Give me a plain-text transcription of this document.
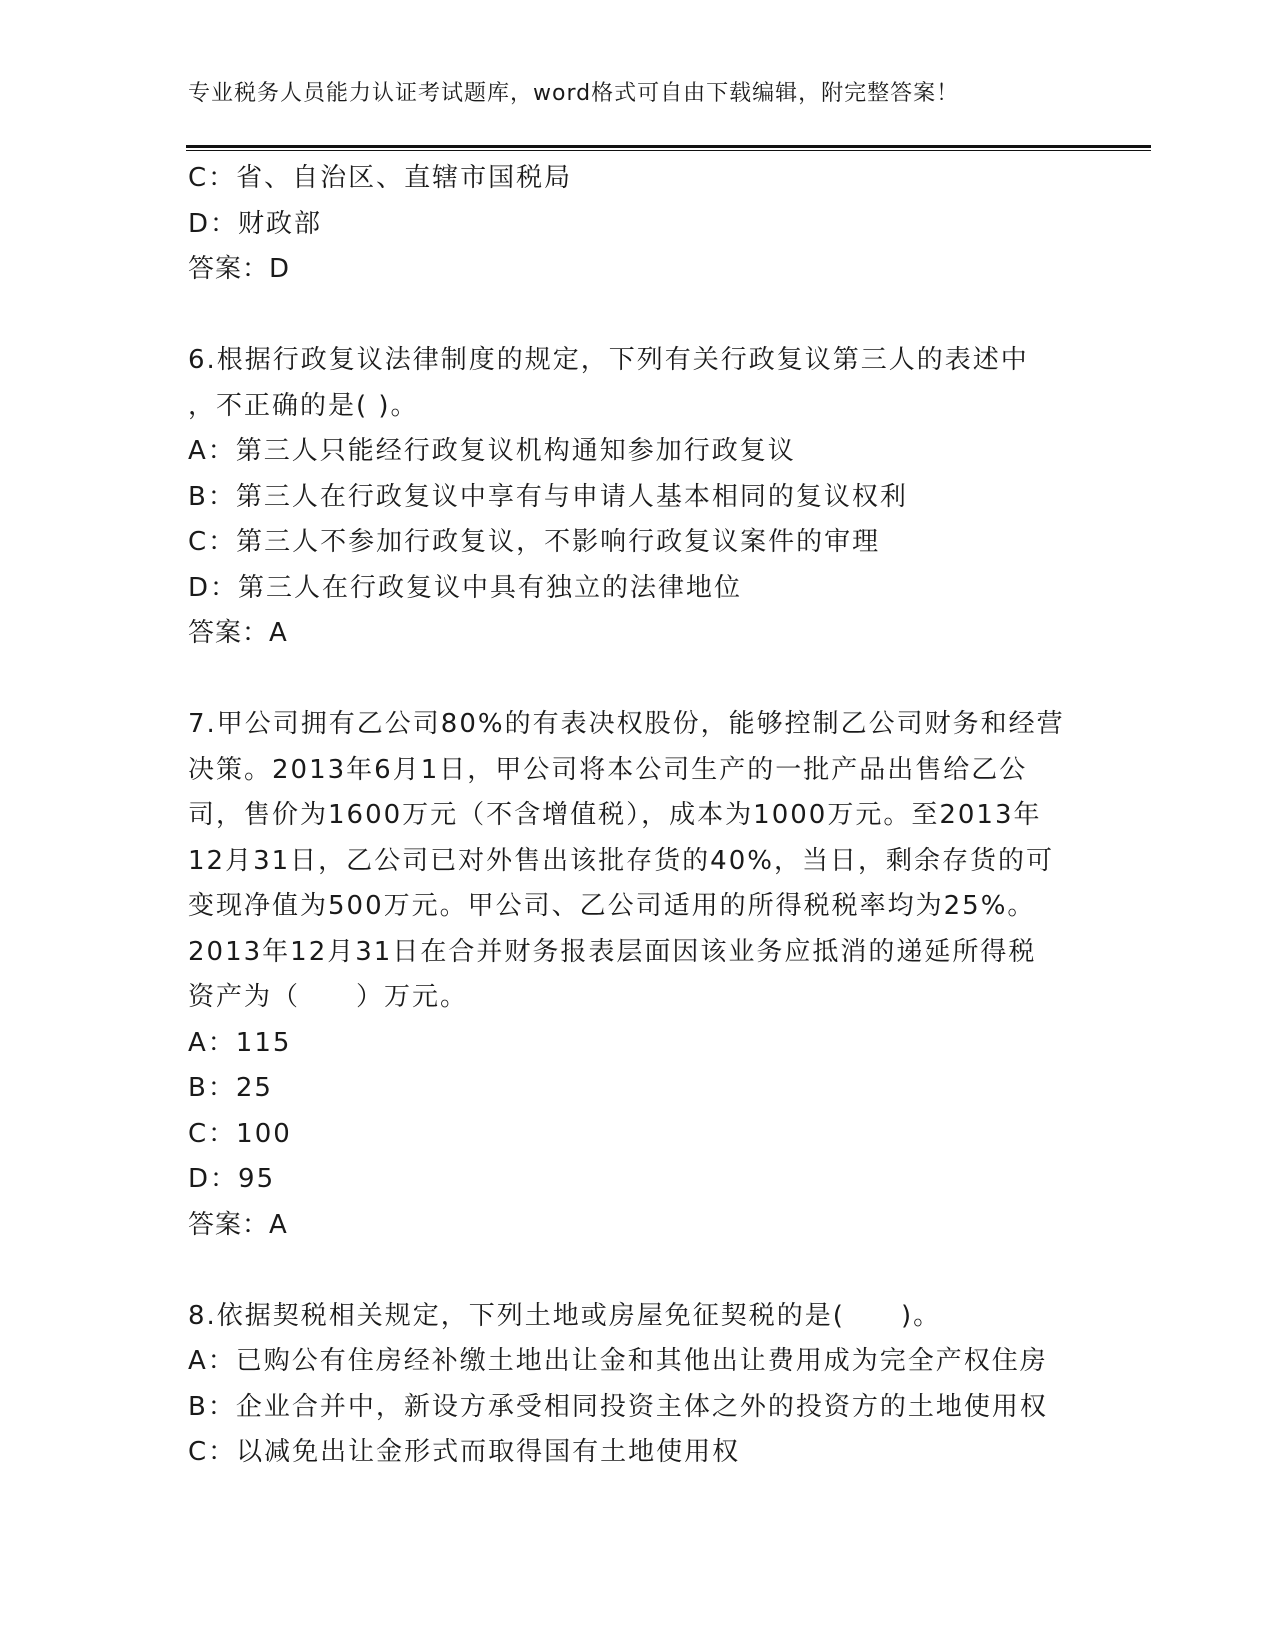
专业税务人员能力认证考试题库，word格式可自由下载编辑，附完整答案！
C：省、自治区、直辖市国税局
D：财政部
答案：D
6.根据行政复议法律制度的规定，下列有关行政复议第三人的表述中
，不正确的是( )。
A：第三人只能经行政复议机构通知参加行政复议
B：第三人在行政复议中享有与申请人基本相同的复议权利
C：第三人不参加行政复议，不影响行政复议案件的审理
D：第三人在行政复议中具有独立的法律地位
答案：A
7.甲公司拥有乙公司80%的有表决权股份，能够控制乙公司财务和经营
决策。2013年6月1日，甲公司将本公司生产的一批产品出售给乙公
司，售价为1600万元（不含增值税），成本为1000万元。至2013年
12月31日，乙公司已对外售出该批存货的40%，当日，剩余存货的可
变现净值为500万元。甲公司、乙公司适用的所得税税率均为25%。
2013年12月31日在合并财务报表层面因该业务应抵消的递延所得税
资产为（　　）万元。
A：115
B：25
C：100
D：95
答案：A
8.依据契税相关规定，下列土地或房屋免征契税的是(　　)。
A：已购公有住房经补缴土地出让金和其他出让费用成为完全产权住房
B：企业合并中，新设方承受相同投资主体之外的投资方的土地使用权
C：以减免出让金形式而取得国有土地使用权
